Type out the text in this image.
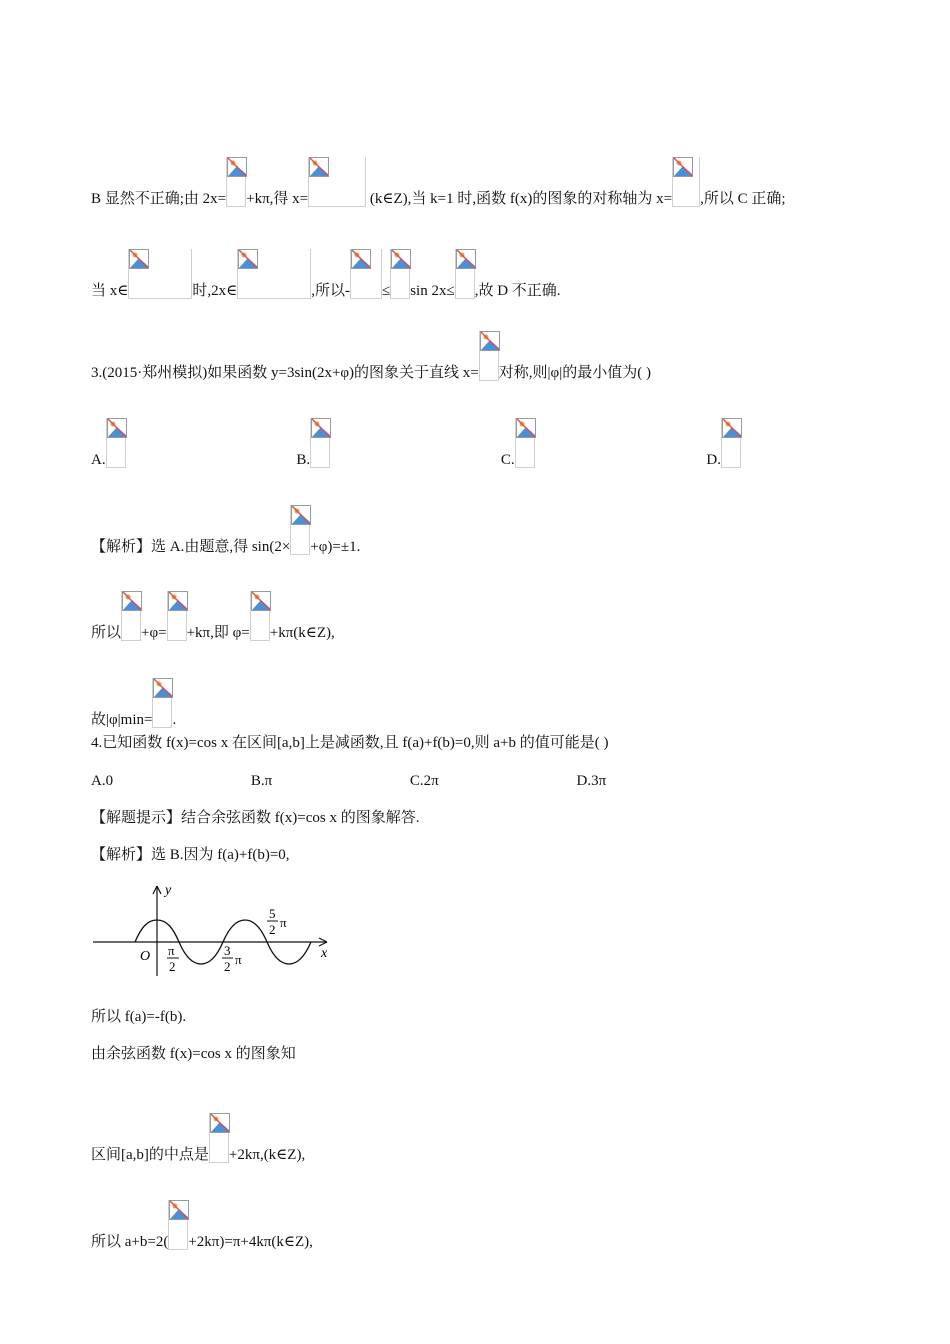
B 显然不正确;由 2x= +kπ,得 x=	(k∈Z),当 k=1 时,函数 f(x)的图象的对称轴为 x= ,所以 C 正确;
当 x∈	时,2x∈	,所以- ≤ sin 2x≤ ,故 D 不正确.
3.(2015·郑州模拟)如果函数 y=3sin(2x+φ)的图象关于直线 x= 对称,则|φ|的最小值为( )
A.	B.	C.	D.
【解析】选 A.由题意,得 sin(2× +φ)=±1.
所以 +φ= +kπ,即 φ= +kπ(k∈Z),
故|φ|min= .
4.已知函数 f(x)=cos x 在区间[a,b]上是减函数,且 f(a)+f(b)=0,则 a+b 的值可能是( )
A.0	B.π	C.2π	D.3π
【解题提示】结合余弦函数 f(x)=cos x 的图象解答.
【解析】选 B.因为 f(a)+f(b)=0,
y
x
O π
2
3
2 π
5
2 π
所以 f(a)=-f(b).
由余弦函数 f(x)=cos x 的图象知
区间[a,b]的中点是 +2kπ,(k∈Z),
所以 a+b=2( +2kπ)=π+4kπ(k∈Z),
